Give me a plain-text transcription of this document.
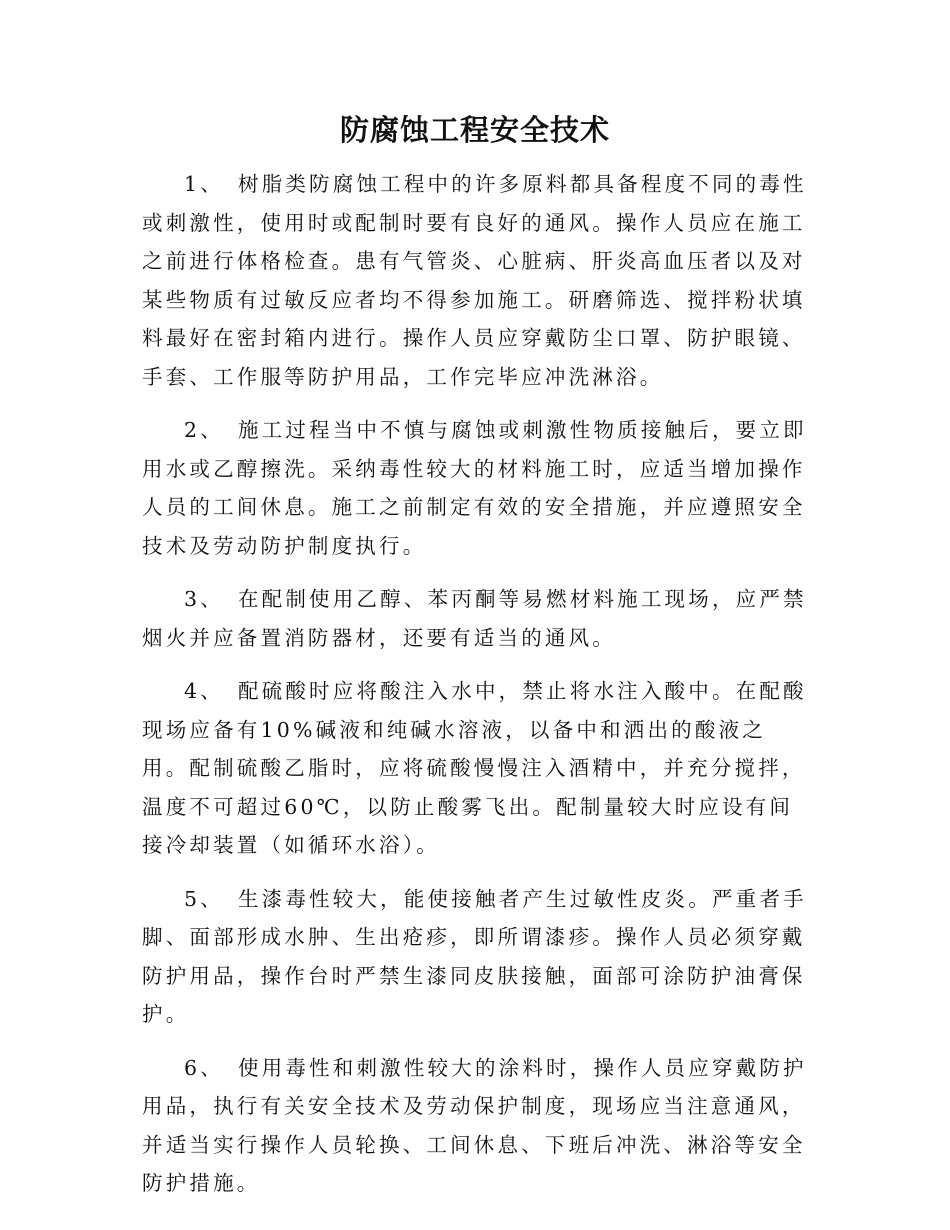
防腐蚀工程安全技术

1、 树脂类防腐蚀工程中的许多原料都具备程度不同的毒性或刺激性，使用时或配制时要有良好的通风。操作人员应在施工之前进行体格检查。患有气管炎、心脏病、肝炎高血压者以及对某些物质有过敏反应者均不得参加施工。研磨筛选、搅拌粉状填料最好在密封箱内进行。操作人员应穿戴防尘口罩、防护眼镜、手套、工作服等防护用品，工作完毕应冲洗淋浴。

2、 施工过程当中不慎与腐蚀或刺激性物质接触后，要立即用水或乙醇擦洗。采纳毒性较大的材料施工时，应适当增加操作人员的工间休息。施工之前制定有效的安全措施，并应遵照安全技术及劳动防护制度执行。

3、 在配制使用乙醇、苯丙酮等易燃材料施工现场，应严禁烟火并应备置消防器材，还要有适当的通风。

4、 配硫酸时应将酸注入水中，禁止将水注入酸中。在配酸现场应备有10%碱液和纯碱水溶液，以备中和洒出的酸液之用。配制硫酸乙脂时，应将硫酸慢慢注入酒精中，并充分搅拌，温度不可超过60℃，以防止酸雾飞出。配制量较大时应设有间接冷却装置（如循环水浴）。

5、 生漆毒性较大，能使接触者产生过敏性皮炎。严重者手脚、面部形成水肿、生出疮疹，即所谓漆疹。操作人员必须穿戴防护用品，操作台时严禁生漆同皮肤接触，面部可涂防护油膏保护。

6、 使用毒性和刺激性较大的涂料时，操作人员应穿戴防护用品，执行有关安全技术及劳动保护制度，现场应当注意通风，并适当实行操作人员轮换、工间休息、下班后冲洗、淋浴等安全防护措施。
